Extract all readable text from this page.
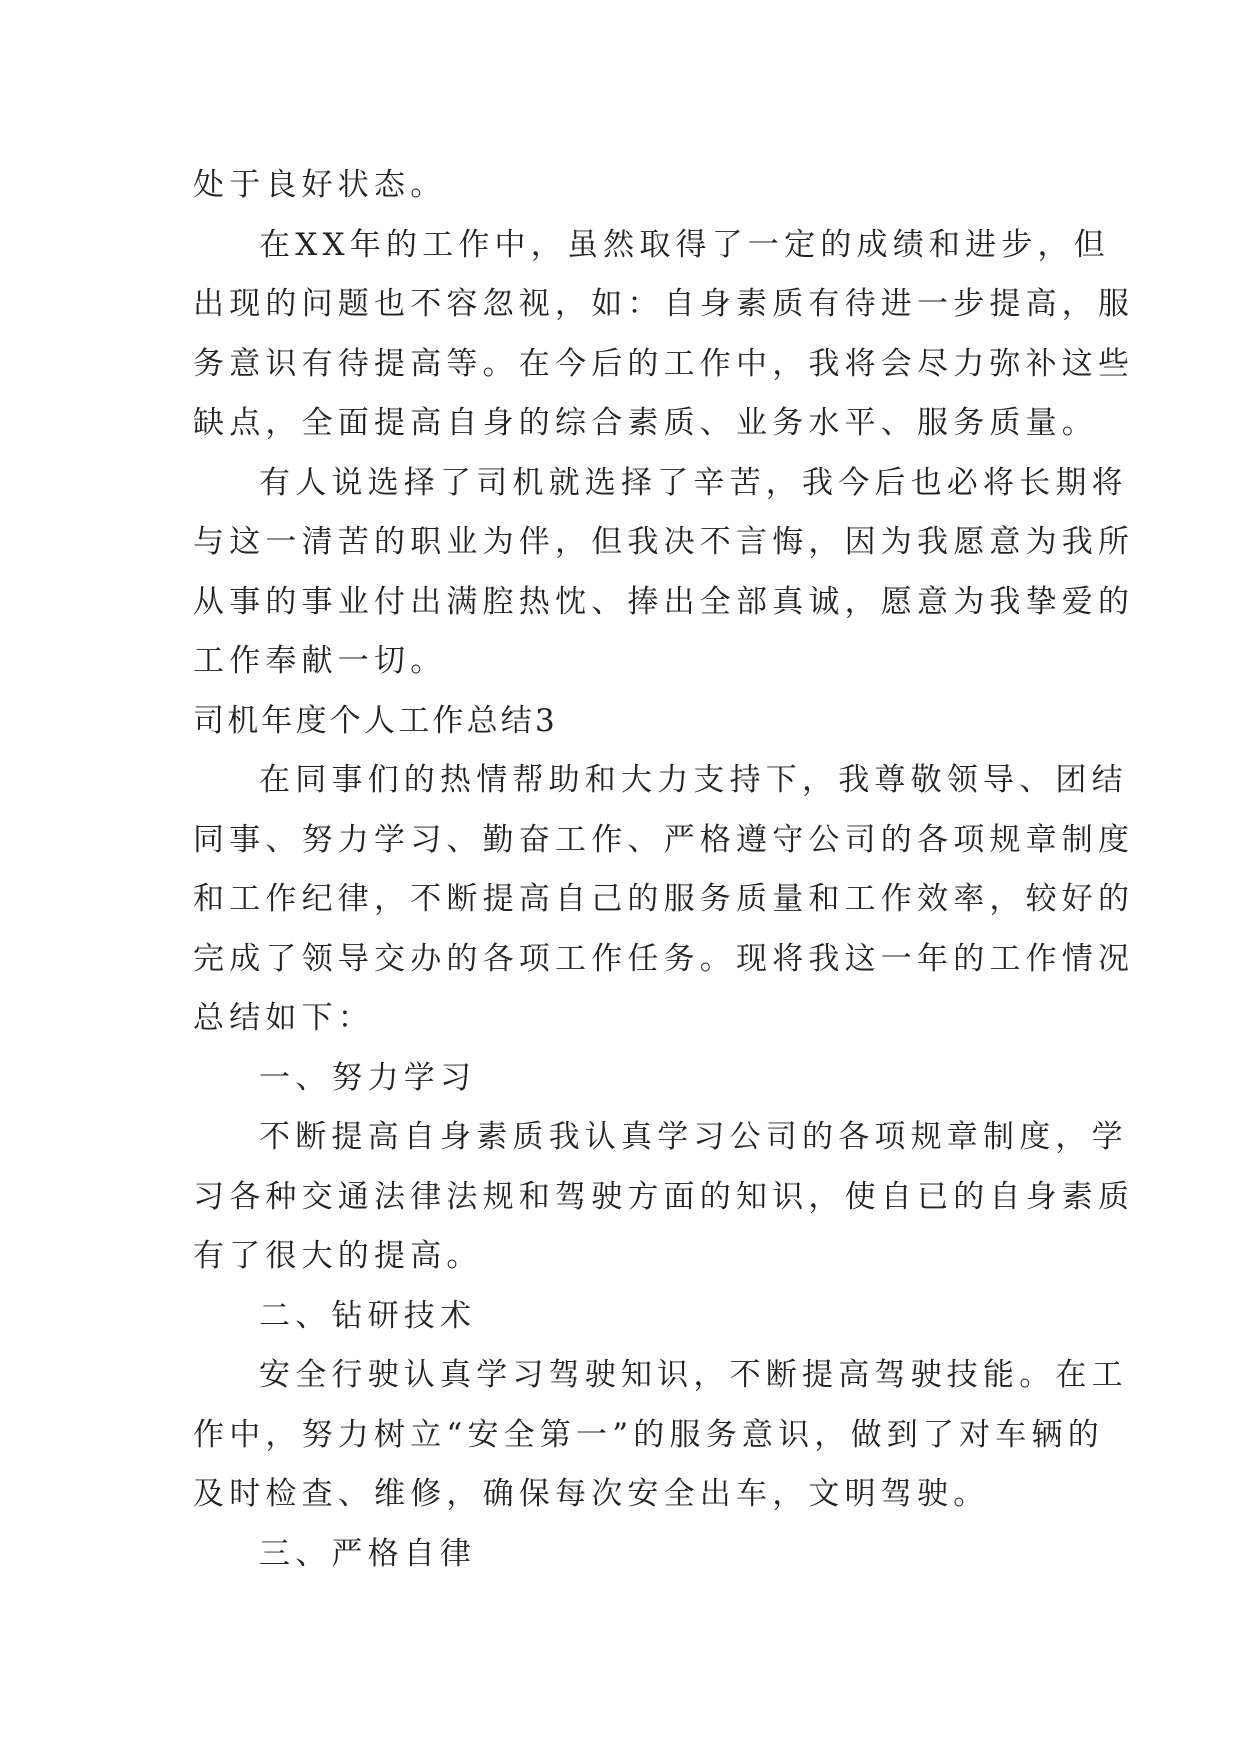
处于良好状态。
在XX年的工作中，虽然取得了一定的成绩和进步，但
出现的问题也不容忽视，如：自身素质有待进一步提高，服
务意识有待提高等。在今后的工作中，我将会尽力弥补这些
缺点，全面提高自身的综合素质、业务水平、服务质量。
有人说选择了司机就选择了辛苦，我今后也必将长期将
与这一清苦的职业为伴，但我决不言悔，因为我愿意为我所
从事的事业付出满腔热忱、捧出全部真诚，愿意为我挚爱的
工作奉献一切。
司机年度个人工作总结3
在同事们的热情帮助和大力支持下，我尊敬领导、团结
同事、努力学习、勤奋工作、严格遵守公司的各项规章制度
和工作纪律，不断提高自己的服务质量和工作效率，较好的
完成了领导交办的各项工作任务。现将我这一年的工作情况
总结如下：
一、努力学习
不断提高自身素质我认真学习公司的各项规章制度，学
习各种交通法律法规和驾驶方面的知识，使自已的自身素质
有了很大的提高。
二、钻研技术
安全行驶认真学习驾驶知识，不断提高驾驶技能。在工
作中，努力树立“安全第一”的服务意识，做到了对车辆的
及时检查、维修，确保每次安全出车，文明驾驶。
三、严格自律
